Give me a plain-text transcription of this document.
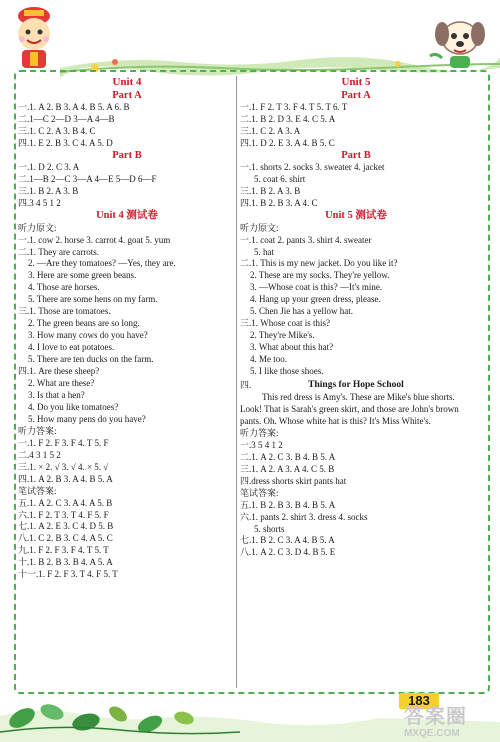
Unit 4
Part A
一.1. A 2. B 3. A 4. B 5. A 6. B
二.1—C 2—D 3—A 4—B
三.1. C 2. A 3. B 4. C
四.1. E 2. B 3. C 4. A 5. D
Part B
一.1. D 2. C 3. A
二.1—B 2—C 3—A 4—E 5—D 6—F
三.1. B 2. A 3. B
四.3 4 5 1 2
Unit 4 测试卷
听力原文:
一.1. cow 2. horse 3. carrot 4. goat 5. yum
二.1. They are carrots.
2. —Are they tomatoes? —Yes, they are.
3. Here are some green beans.
4. Those are horses.
5. There are some hens on my farm.
三.1. Those are tomatoes.
2. The green beans are so long.
3. How many cows do you have?
4. I love to eat potatoes.
5. There are ten ducks on the farm.
四.1. Are these sheep?
2. What are these?
3. Is that a hen?
4. Do you like tomatoes?
5. How many pens do you have?
听力答案:
一.1. F 2. F 3. F 4. T 5. F
二.4 3 1 5 2
三.1. × 2. √ 3. √ 4. × 5. √
四.1. A 2. B 3. A 4. B 5. A
笔试答案:
五.1. A 2. C 3. A 4. A 5. B
六.1. F 2. T 3. T 4. F 5. F
七.1. A 2. E 3. C 4. D 5. B
八.1. C 2. B 3. C 4. A 5. C
九.1. F 2. F 3. F 4. T 5. T
十.1. B 2. B 3. B 4. A 5. A
十一.1. F 2. F 3. T 4. F 5. T
Unit 5
Part A
一.1. F 2. T 3. F 4. T 5. T 6. T
二.1. B 2. D 3. E 4. C 5. A
三.1. C 2. A 3. A
四.1. D 2. E 3. A 4. B 5. C
Part B
一.1. shorts 2. socks 3. sweater 4. jacket
5. coat 6. shirt
三.1. B 2. A 3. B
四.1. B 2. B 3. A 4. C
Unit 5 测试卷
听力原文:
一.1. coat 2. pants 3. shirt 4. sweater
5. hat
二.1. This is my new jacket. Do you like it?
2. These are my socks. They're yellow.
3. —Whose coat is this? —It's mine.
4. Hang up your green dress, please.
5. Chen Jie has a yellow hat.
三.1. Whose coat is this?
2. They're Mike's.
3. What about this hat?
4. Me too.
5. I like those shoes.
四.	Things for Hope School
This red dress is Amy's. These are Mike's blue shorts. Look! That is Sarah's green skirt, and those are John's brown pants. Oh. Whose white hat is this? It's Miss White's.
听力答案:
一.3 5 4 1 2
二.1. A 2. C 3. B 4. B 5. A
三.1. A 2. A 3. A 4. C 5. B
四.dress shorts skirt pants hat
笔试答案:
五.1. B 2. B 3. B 4. B 5. A
六.1. pants 2. shirt 3. dress 4. socks
5. shorts
七.1. B 2. C 3. A 4. B 5. A
八.1. A 2. C 3. D 4. B 5. E
183
答案圈
MXQE.COM
